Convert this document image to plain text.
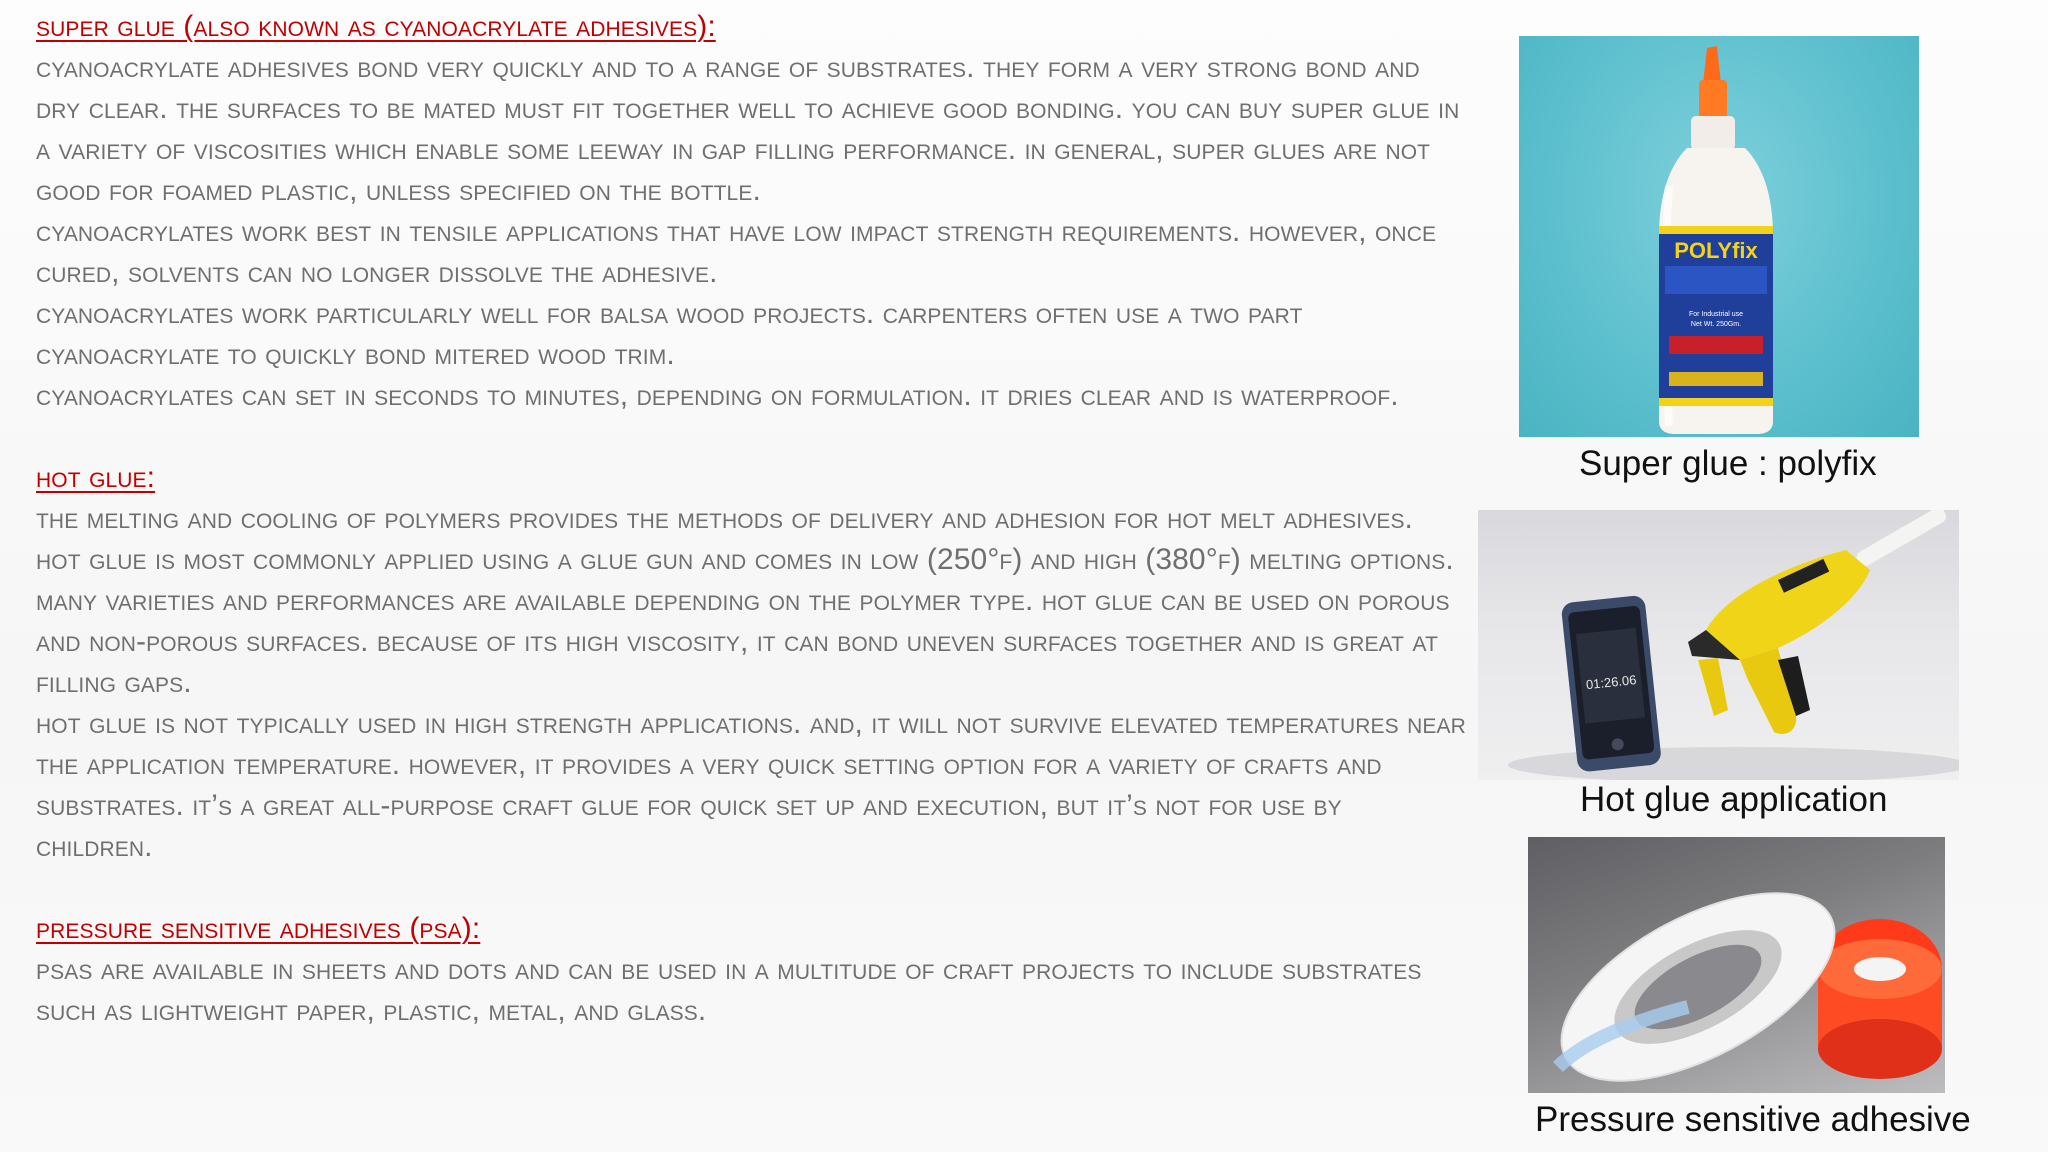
super glue (also known as cyanoacrylate adhesives):

cyanoacrylate adhesives bond very quickly and to a range of substrates. they form a very strong bond and dry clear. the surfaces to be mated must fit together well to achieve good bonding. you can buy super glue in a variety of viscosities which enable some leeway in gap filling performance. in general, super glues are not good for foamed plastic, unless specified on the bottle.

cyanoacrylates work best in tensile applications that have low impact strength requirements. however, once cured, solvents can no longer dissolve the adhesive.

cyanoacrylates work particularly well for balsa wood projects. carpenters often use a two part cyanoacrylate to quickly bond mitered wood trim.

cyanoacrylates can set in seconds to minutes, depending on formulation. it dries clear and is waterproof.

hot glue:

the melting and cooling of polymers provides the methods of delivery and adhesion for hot melt adhesives. hot glue is most commonly applied using a glue gun and comes in low (250°f) and high (380°f) melting options. many varieties and performances are available depending on the polymer type. hot glue can be used on porous and non-porous surfaces. because of its high viscosity, it can bond uneven surfaces together and is great at filling gaps.

hot glue is not typically used in high strength applications. and, it will not survive elevated temperatures near the application temperature. however, it provides a very quick setting option for a variety of crafts and substrates. it’s a great all-purpose craft glue for quick set up and execution, but it’s not for use by children.

pressure sensitive adhesives (psa):

psas are available in sheets and dots and can be used in a multitude of craft projects to include substrates such as lightweight paper, plastic, metal, and glass.

POLYfix
For Industrial use
Net Wt. 250Gm.
Super glue : polyfix
01:26.06
Hot glue application
Pressure sensitive adhesive
